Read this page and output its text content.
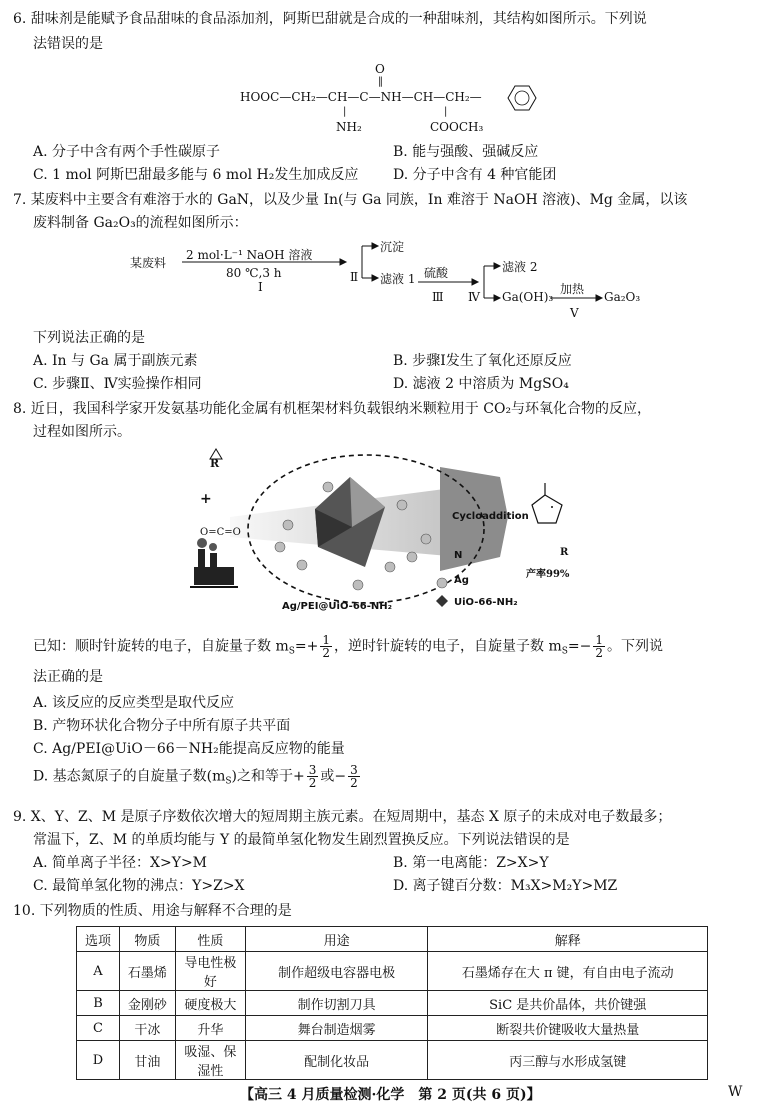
6. 甜味剂是能赋予食品甜味的食品添加剂，阿斯巴甜就是合成的一种甜味剂，其结构如图所示。下列说
法错误的是
O
‖
HOOC—CH₂—CH—C—NH—CH—CH₂—
|
NH₂
|
COOCH₃
A. 分子中含有两个手性碳原子	B. 能与强酸、强碱反应
C. 1 mol 阿斯巴甜最多能与 6 mol H₂发生加成反应 D. 分子中含有 4 种官能团
7. 某废料中主要含有难溶于水的 GaN，以及少量 In(与 Ga 同族，In 难溶于 NaOH 溶液)、Mg 金属，以该
废料制备 Ga₂O₃的流程如图所示：
某废料
2 mol·L⁻¹ NaOH 溶液
80 ℃,3 h
Ⅰ
Ⅱ
沉淀
滤液 1 硫酸
Ⅲ Ⅳ
滤液 2
Ga(OH)₃
加热
Ⅴ
Ga₂O₃
下列说法正确的是
A. In 与 Ga 属于副族元素	B. 步骤Ⅰ发生了氧化还原反应
C. 步骤Ⅱ、Ⅳ实验操作相同	D. 滤液 2 中溶质为 MgSO₄
8. 近日，我国科学家开发氨基功能化金属有机框架材料负载银纳米颗粒用于 CO₂与环氧化合物的反应，
过程如图所示。
R
+
O=C=O
Cycloaddition
R
产率99%
N
Ag
UiO-66-NH₂
Ag/PEI@UiO-66-NH₂
已知：顺时针旋转的电子，自旋量子数 $m_S=+ \frac{1}{2}$ ，逆时针旋转的电子，自旋量子数 $m_S=- \frac{1}{2}$ 。下列说
法正确的是
A. 该反应的反应类型是取代反应
B. 产物环状化合物分子中所有原子共平面
C. Ag/PEI@UiO－66－NH₂能提高反应物的能量
D. 基态氮原子的自旋量子数$(m_S)$之和等于+ $\frac{3}{2}$ 或− $\frac{3}{2}$
9. X、Y、Z、M 是原子序数依次增大的短周期主族元素。在短周期中，基态 X 原子的未成对电子数最多；
常温下，Z、M 的单质均能与 Y 的最简单氢化物发生剧烈置换反应。下列说法错误的是
A. 简单离子半径：X>Y>M	B. 第一电离能：Z>X>Y
C. 最简单氢化物的沸点：Y>Z>X	D. 离子键百分数：M₃X>M₂Y>MZ
10. 下列物质的性质、用途与解释不合理的是
选项	物质	性质	用途	解释
A	石墨烯	导电性极好	制作超级电容器电极	石墨烯存在大 π 键，有自由电子流动
B	金刚砂	硬度极大	制作切割刀具	SiC 是共价晶体，共价键强
C	干冰	升华	舞台制造烟雾	断裂共价键吸收大量热量
D	甘油	吸湿、保湿性	配制化妆品	丙三醇与水形成氢键
【高三 4 月质量检测·化学　第 2 页(共 6 页)】	W
